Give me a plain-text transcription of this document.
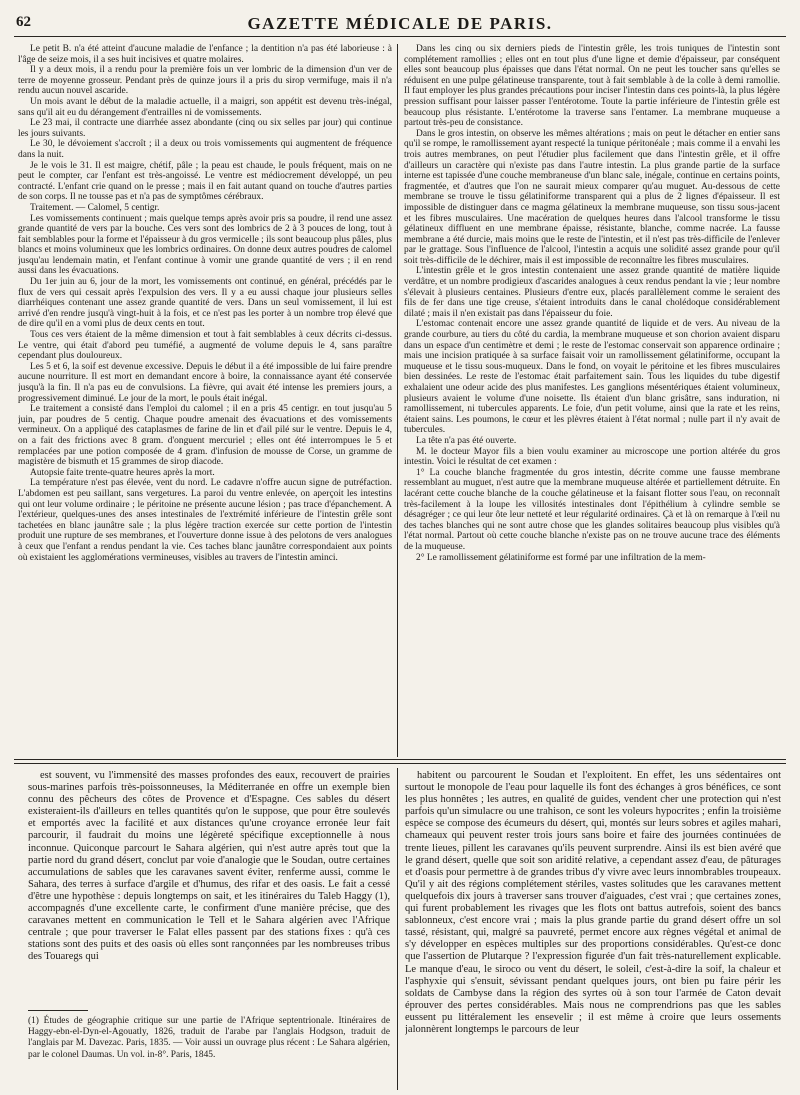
62	GAZETTE MÉDICALE DE PARIS.

Le petit B. n'a été atteint d'aucune maladie de l'enfance ; la dentition n'a pas été laborieuse : à l'âge de seize mois, il a ses huit incisives et quatre molaires.

Il y a deux mois, il a rendu pour la première fois un ver lombric de la dimension d'un ver de terre de moyenne grosseur. Pendant près de quinze jours il a pris du sirop vermifuge, mais il n'a rendu aucun nouvel ascaride.

Un mois avant le début de la maladie actuelle, il a maigri, son appétit est devenu très-inégal, sans qu'il ait eu du dérangement d'entrailles ni de vomissements.

Le 23 mai, il contracte une diarrhée assez abondante (cinq ou six selles par jour) qui continue les jours suivants.

Le 30, le dévoiement s'accroît ; il a deux ou trois vomissements qui augmentent de fréquence dans la nuit.

Je le vois le 31. Il est maigre, chétif, pâle ; la peau est chaude, le pouls fréquent, mais on ne peut le compter, car l'enfant est très-angoissé. Le ventre est médiocrement développé, un peu contracté. L'enfant crie quand on le presse ; mais il en fait autant quand on touche d'autres parties de son corps. Il ne tousse pas et n'a pas de symptômes cérébraux.

Traitement. — Calomel, 5 centigr.

Les vomissements continuent ; mais quelque temps après avoir pris sa poudre, il rend une assez grande quantité de vers par la bouche. Ces vers sont des lombrics de 2 à 3 pouces de long, tout à fait semblables pour la forme et l'épaisseur à du gros vermicelle ; ils sont beaucoup plus pâles, plus blancs et moins volumineux que les lombrics ordinaires. On donne deux autres poudres de calomel jusqu'au lendemain matin, et l'enfant continue à vomir une grande quantité de vers ; il en rend aussi dans les évacuations.

Du 1er juin au 6, jour de la mort, les vomissements ont continué, en général, précédés par le flux de vers qui cessait après l'expulsion des vers. Il y a eu aussi chaque jour plusieurs selles diarrhéiques contenant une assez grande quantité de vers. Dans un seul vomissement, il lui est arrivé d'en rendre jusqu'à vingt-huit à la fois, et ce n'est pas les porter à un nombre trop élevé que de dire qu'il en a vomi plus de deux cents en tout.

Tous ces vers étaient de la même dimension et tout à fait semblables à ceux décrits ci-dessus. Le ventre, qui était d'abord peu tuméfié, a augmenté de volume depuis le 4, sans paraître cependant plus douloureux.

Les 5 et 6, la soif est devenue excessive. Depuis le début il a été impossible de lui faire prendre aucune nourriture. Il est mort en demandant encore à boire, la connaissance ayant été conservée jusqu'à la fin. Il n'a pas eu de convulsions. La fièvre, qui avait été intense les premiers jours, a progressivement diminué. Le jour de la mort, le pouls était inégal.

Le traitement a consisté dans l'emploi du calomel ; il en a pris 45 centigr. en tout jusqu'au 5 juin, par poudres de 5 centig. Chaque poudre amenait des évacuations et des vomissements vermineux. On a appliqué des cataplasmes de farine de lin et d'ail pilé sur le ventre. Depuis le 4, on a fait des frictions avec 8 gram. d'onguent mercuriel ; elles ont été interrompues le 5 et remplacées par une potion composée de 4 gram. d'infusion de mousse de Corse, un gramme de magistère de bismuth et 15 grammes de sirop diacode.

Autopsie faite trente-quatre heures après la mort.

La température n'est pas élevée, vent du nord. Le cadavre n'offre aucun signe de putréfaction. L'abdomen est peu saillant, sans vergetures. La paroi du ventre enlevée, on aperçoit les intestins qui ont leur volume ordinaire ; le péritoine ne présente aucune lésion ; pas trace d'épanchement. A l'extérieur, quelques-unes des anses intestinales de l'extrémité inférieure de l'intestin grêle sont tachetées en blanc jaunâtre sale ; la plus légère traction exercée sur cette portion de l'intestin produit une rupture de ses membranes, et l'ouverture donne issue à des pelotons de vers analogues à ceux que l'enfant a rendus pendant la vie. Ces taches blanc jaunâtre correspondaient aux points où existaient les agglomérations vermineuses, visibles au travers de l'intestin aminci.

Dans les cinq ou six derniers pieds de l'intestin grêle, les trois tuniques de l'intestin sont complétement ramollies ; elles ont en tout plus d'une ligne et demie d'épaisseur, par conséquent elles sont beaucoup plus épaisses que dans l'état normal. On ne peut les toucher sans qu'elles se réduisent en une pulpe gélatineuse transparente, tout à fait semblable à de la colle à demi ramollie. Il faut employer les plus grandes précautions pour inciser l'intestin dans ces points-là, la plus légère pression suffisant pour laisser passer l'entérotome. Toute la partie inférieure de l'intestin grêle est beaucoup plus résistante. L'entérotome la traverse sans l'entamer. La membrane muqueuse a partout très-peu de consistance.

Dans le gros intestin, on observe les mêmes altérations ; mais on peut le détacher en entier sans qu'il se rompe, le ramollissement ayant respecté la tunique péritonéale ; mais comme il a envahi les trois autres membranes, on peut l'étudier plus facilement que dans l'intestin grêle, et il offre d'ailleurs un caractère qui n'existe pas dans l'autre intestin. La plus grande partie de la surface interne est tapissée d'une couche membraneuse d'un blanc sale, inégale, continue en certains points, fragmentée, et d'autres que l'on ne saurait mieux comparer qu'au muguet. Au-dessous de cette membrane se trouve le tissu gélatiniforme transparent qui a plus de 2 lignes d'épaisseur. Il est impossible de distinguer dans ce magma gélatineux la membrane muqueuse, son tissu sous-jacent et les fibres musculaires. Une macération de quelques heures dans l'alcool transforme le tissu gélatineux diffluent en une membrane épaisse, résistante, blanche, comme nacrée. La fausse membrane a été durcie, mais moins que le reste de l'intestin, et il n'est pas très-difficile de l'enlever par le grattage. Sous l'influence de l'alcool, l'intestin a acquis une solidité assez grande pour qu'il soit très-difficile de le déchirer, mais il est impossible de reconnaître les fibres musculaires.

L'intestin grêle et le gros intestin contenaient une assez grande quantité de matière liquide verdâtre, et un nombre prodigieux d'ascarides analogues à ceux rendus pendant la vie ; leur nombre s'élevait à plusieurs centaines. Plusieurs d'entre eux, placés parallèlement comme le seraient des fils de fer dans une tige creuse, s'étaient introduits dans le canal cholédoque considérablement dilaté ; mais il n'en existait pas dans l'épaisseur du foie.

L'estomac contenait encore une assez grande quantité de liquide et de vers. Au niveau de la grande courbure, au tiers du côté du cardia, la membrane muqueuse et son chorion avaient disparu dans un espace d'un centimètre et demi ; le reste de l'estomac conservait son apparence ordinaire ; mais une incision pratiquée à sa surface faisait voir un ramollissement gélatiniforme, occupant la muqueuse et le tissu sous-muqueux. Dans le fond, on voyait le péritoine et les fibres musculaires bien dessinées. Le reste de l'estomac était parfaitement sain. Tous les liquides du tube digestif exhalaient une odeur acide des plus manifestes. Les ganglions mésentériques étaient volumineux, plusieurs avaient le volume d'une noisette. Ils étaient d'un blanc grisâtre, sans induration, ni ramollissement, ni tubercules apparents. Le foie, d'un petit volume, ainsi que la rate et les reins, étaient sains. Les poumons, le cœur et les plèvres étaient à l'état normal ; nulle part il n'y avait de tubercules.

La tête n'a pas été ouverte.

M. le docteur Mayor fils a bien voulu examiner au microscope une portion altérée du gros intestin. Voici le résultat de cet examen :

1° La couche blanche fragmentée du gros intestin, décrite comme une fausse membrane ressemblant au muguet, n'est autre que la membrane muqueuse altérée et partiellement détruite. En lacérant cette couche blanche de la couche gélatineuse et la faisant flotter sous l'eau, on reconnaît très-facilement à la loupe les villosités intestinales dont l'épithélium à cylindre semble se désagréger ; ce qui leur ôte leur netteté et leur régularité ordinaires. Çà et là on remarque à l'œil nu des taches blanches qui ne sont autre chose que les glandes solitaires beaucoup plus visibles qu'à l'état normal. Partout où cette couche blanche n'existe pas on ne trouve aucune trace des éléments de la muqueuse.

2° Le ramollissement gélatiniforme est formé par une infiltration de la mem-

est souvent, vu l'immensité des masses profondes des eaux, recouvert de prairies sous-marines parfois très-poissonneuses, la Méditerranée en offre un exemple bien connu des pêcheurs des côtes de Provence et d'Espagne. Ces sables du désert existeraient-ils d'ailleurs en telles quantités qu'on le suppose, que pour être soulevés et emportés avec la facilité et aux distances qu'une croyance erronée leur fait parcourir, il faudrait du moins une légèreté spécifique exceptionnelle à nous inconnue. Quiconque parcourt le Sahara algérien, qui n'est autre après tout que la partie nord du grand désert, conclut par voie d'analogie que le Soudan, outre certaines accumulations de sables que les caravanes savent éviter, renferme aussi, comme le Sahara, des terres à surface d'argile et d'humus, des rifar et des oasis. Le fait a cessé d'être une hypothèse : depuis longtemps on sait, et les itinéraires du Taleb Haggy (1), accompagnés d'une excellente carte, le confirment d'une manière précise, que des caravanes mettent en communication le Tell et le Sahara algérien avec l'Afrique centrale ; que pour traverser le Falat elles passent par des stations fixes : qu'à ces stations sont des puits et des oasis où elles sont rançonnées par les nombreuses tribus des Touaregs qui

habitent ou parcourent le Soudan et l'exploitent. En effet, les uns sédentaires ont surtout le monopole de l'eau pour laquelle ils font des échanges à gros bénéfices, ce sont les plus honnêtes ; les autres, en qualité de guides, vendent cher une protection qui n'est parfois qu'un simulacre ou une trahison, ce sont les voleurs hypocrites ; enfin la troisième espèce se compose des écumeurs du désert, qui, montés sur leurs sobres et agiles mahari, chameaux qui peuvent rester trois jours sans boire et faire des journées continuées de trente lieues, pillent les caravanes qu'ils peuvent surprendre. Ainsi ils est bien avéré que le grand désert, quelle que soit son aridité relative, a cependant assez d'eau, de pâturages et d'oasis pour permettre à de grandes tribus d'y vivre avec leurs innombrables troupeaux. Qu'il y ait des régions complétement stériles, vastes solitudes que les caravanes mettent quelquefois dix jours à traverser sans trouver d'aiguades, c'est vrai ; que certaines zones, qui furent probablement les rivages que les flots ont battus autrefois, soient des bancs sablonneux, c'est encore vrai ; mais la plus grande partie du grand désert offre un sol tassé, résistant, qui, malgré sa pauvreté, permet encore aux règnes végétal et animal de s'y développer en espèces multiples sur des proportions considérables. Qu'est-ce donc que l'assertion de Plutarque ? l'expression figurée d'un fait très-naturellement explicable. Le manque d'eau, le siroco ou vent du désert, le soleil, c'est-à-dire la soif, la chaleur et l'asphyxie qui s'ensuit, sévissant pendant quelques jours, ont bien pu faire périr les soldats de Cambyse dans la région des syrtes où à son tour l'armée de Caton devait éprouver des pertes considérables. Mais nous ne comprendrions pas que les sables eussent pu littéralement les ensevelir ; il est même à croire que leurs ossements jalonnèrent longtemps le parcours de leur

(1) Études de géographie critique sur une partie de l'Afrique septentrionale. Itinéraires de Haggy-ebn-el-Dyn-el-Agouatly, 1826, traduit de l'arabe par l'anglais Hodgson, traduit de l'anglais par M. Davezac. Paris, 1835. — Voir aussi un ouvrage plus récent : Le Sahara algérien, par le colonel Daumas. Un vol. in-8°. Paris, 1845.
